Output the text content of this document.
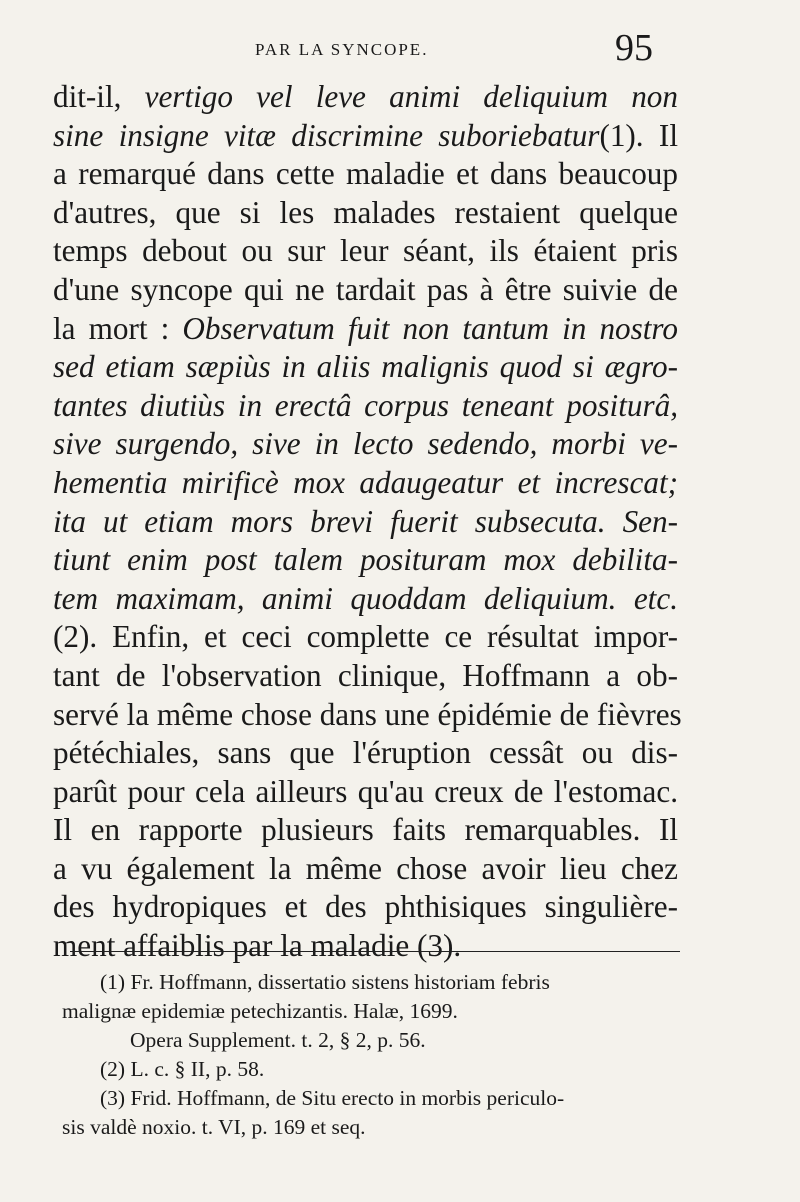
PAR LA SYNCOPE.	95
dit-il, vertigo vel leve animi deliquium non
sine insigne vitæ discrimine suboriebatur(1). Il
a remarqué dans cette maladie et dans beaucoup
d'autres, que si les malades restaient quelque
temps debout ou sur leur séant, ils étaient pris
d'une syncope qui ne tardait pas à être suivie de
la mort : Observatum fuit non tantum in nostro
sed etiam sæpiùs in aliis malignis quod si ægro-
tantes diutiùs in erectâ corpus teneant positurâ,
sive surgendo, sive in lecto sedendo, morbi ve-
hementia mirificè mox adaugeatur et increscat;
ita ut etiam mors brevi fuerit subsecuta. Sen-
tiunt enim post talem posituram mox debilita-
tem maximam, animi quoddam deliquium. etc.
(2). Enfin, et ceci complette ce résultat impor-
tant de l'observation clinique, Hoffmann a ob-
servé la même chose dans une épidémie de fièvres
pétéchiales, sans que l'éruption cessât ou dis-
parût pour cela ailleurs qu'au creux de l'estomac.
Il en rapporte plusieurs faits remarquables. Il
a vu également la même chose avoir lieu chez
des hydropiques et des phthisiques singulière-
ment affaiblis par la maladie (3).
(1) Fr. Hoffmann, dissertatio sistens historiam febris
malignæ epidemiæ petechizantis. Halæ, 1699.
Opera Supplement. t. 2, § 2, p. 56.
(2) L. c. § II, p. 58.
(3) Frid. Hoffmann, de Situ erecto in morbis periculo-
sis valdè noxio. t. VI, p. 169 et seq.
